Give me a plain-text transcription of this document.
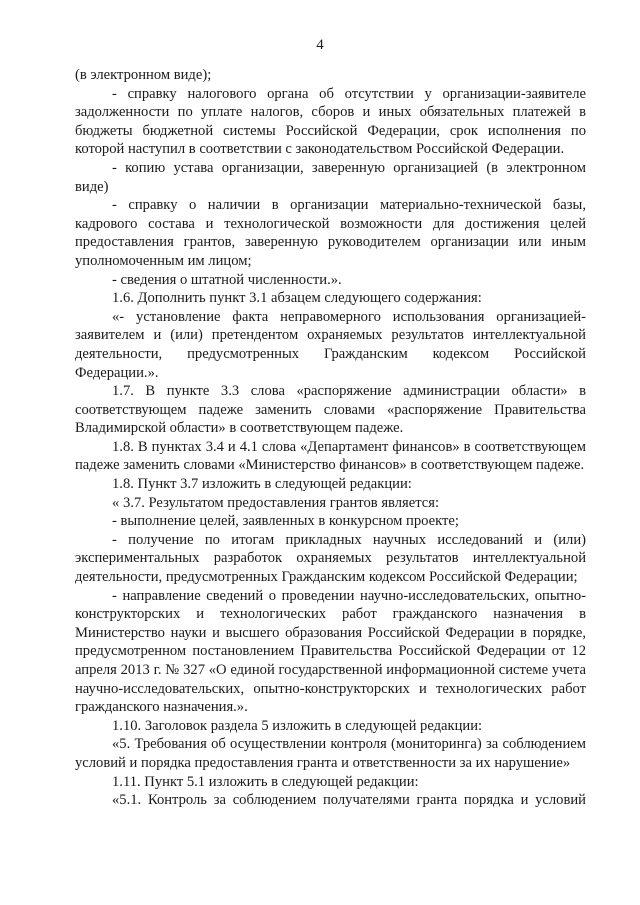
4

(в электронном виде);

- справку налогового органа об отсутствии у организации-заявителе задолженности по уплате налогов, сборов и иных обязательных платежей в бюджеты бюджетной системы Российской Федерации, срок исполнения по которой наступил в соответствии с законодательством Российской Федерации.

- копию устава организации, заверенную организацией (в электронном виде)

- справку о наличии в организации материально-технической базы, кадрового состава и технологической возможности для достижения целей предоставления грантов, заверенную руководителем организации или иным уполномоченным им лицом;

- сведения о штатной численности.».

1.6. Дополнить пункт 3.1 абзацем следующего содержания:

«- установление факта неправомерного использования организацией-заявителем и (или) претендентом охраняемых результатов интеллектуальной деятельности, предусмотренных Гражданским кодексом Российской Федерации.».

1.7. В пункте 3.3 слова «распоряжение администрации области» в соответствующем падеже заменить словами «распоряжение Правительства Владимирской области» в соответствующем падеже.

1.8. В пунктах 3.4 и 4.1 слова «Департамент финансов» в соответствующем падеже заменить словами «Министерство финансов» в соответствующем падеже.

1.8. Пункт 3.7 изложить в следующей редакции:

« 3.7. Результатом предоставления грантов является:

- выполнение целей, заявленных в конкурсном проекте;

- получение по итогам прикладных научных исследований и (или) экспериментальных разработок охраняемых результатов интеллектуальной деятельности, предусмотренных Гражданским кодексом Российской Федерации;

- направление сведений о проведении научно-исследовательских, опытно-конструкторских и технологических работ гражданского назначения в Министерство науки и высшего образования Российской Федерации в порядке, предусмотренном постановлением Правительства Российской Федерации от 12 апреля 2013 г. № 327 «О единой государственной информационной системе учета научно-исследовательских, опытно-конструкторских и технологических работ гражданского назначения.».

1.10. Заголовок раздела 5 изложить в следующей редакции:

«5. Требования об осуществлении контроля (мониторинга) за соблюдением условий и порядка предоставления гранта и ответственности за их нарушение»

1.11. Пункт 5.1 изложить в следующей редакции:

«5.1. Контроль за соблюдением получателями гранта порядка и условий
